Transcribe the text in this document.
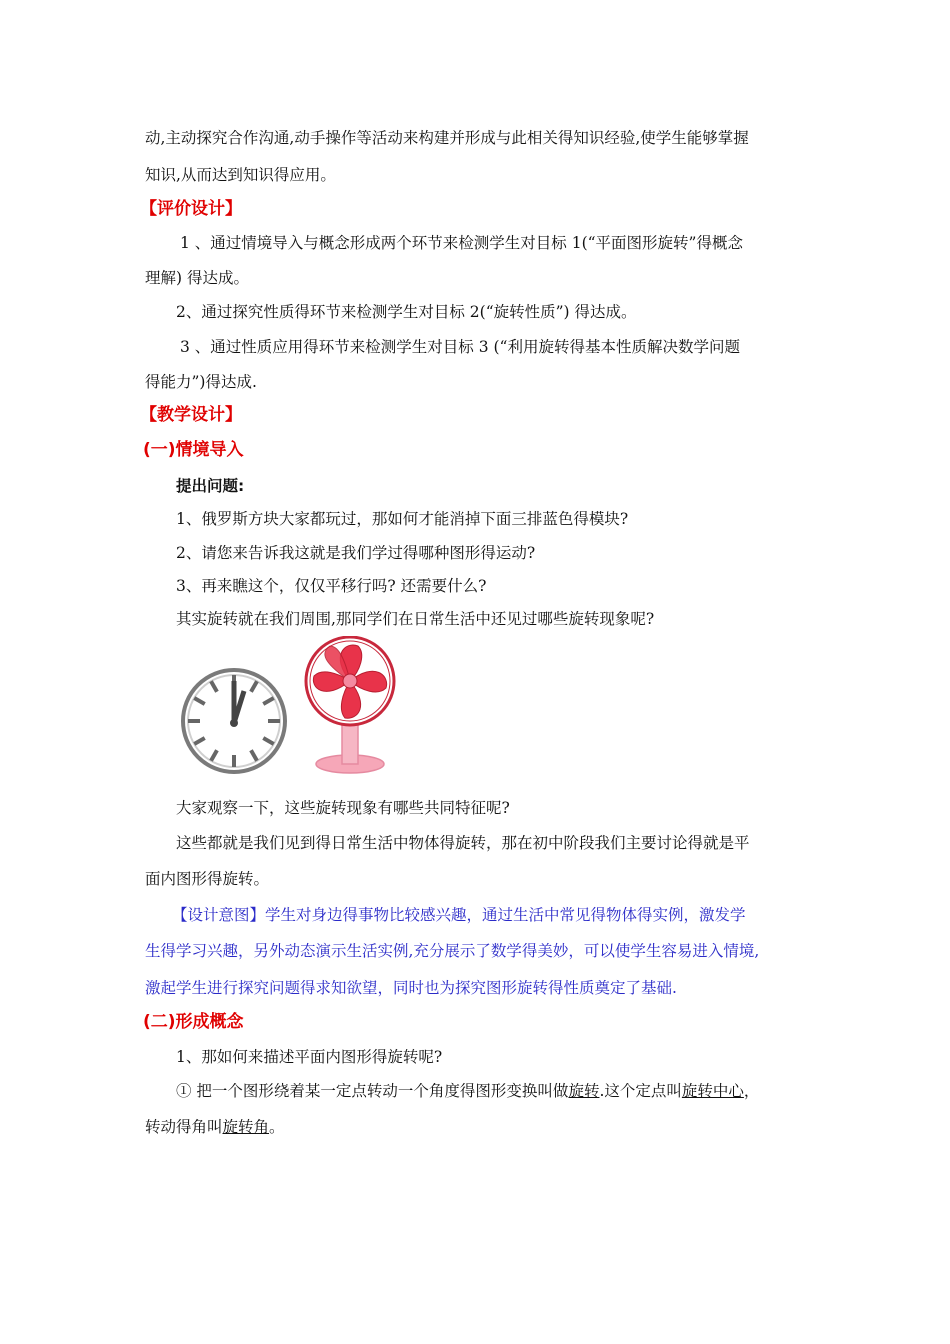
动,主动探究合作沟通,动手操作等活动来构建并形成与此相关得知识经验,使学生能够掌握
知识,从而达到知识得应用。
【评价设计】
1 、通过情境导入与概念形成两个环节来检测学生对目标 1(“平面图形旋转”得概念
理解) 得达成。
2、通过探究性质得环节来检测学生对目标 2(“旋转性质”) 得达成。
3 、通过性质应用得环节来检测学生对目标 3 (“利用旋转得基本性质解决数学问题
得能力”)得达成.
【教学设计】
(一)情境导入
提出问题:
1、俄罗斯方块大家都玩过，那如何才能消掉下面三排蓝色得模块?
2、请您来告诉我这就是我们学过得哪种图形得运动?
3、再来瞧这个，仅仅平移行吗? 还需要什么?
其实旋转就在我们周围,那同学们在日常生活中还见过哪些旋转现象呢?
大家观察一下，这些旋转现象有哪些共同特征呢?
这些都就是我们见到得日常生活中物体得旋转，那在初中阶段我们主要讨论得就是平
面内图形得旋转。
【设计意图】学生对身边得事物比较感兴趣，通过生活中常见得物体得实例，激发学
生得学习兴趣，另外动态演示生活实例,充分展示了数学得美妙，可以使学生容易进入情境,
激起学生进行探究问题得求知欲望，同时也为探究图形旋转得性质奠定了基础.
(二)形成概念
1、那如何来描述平面内图形得旋转呢?
① 把一个图形绕着某一定点转动一个角度得图形变换叫做旋转.这个定点叫旋转中心，
转动得角叫旋转角。
